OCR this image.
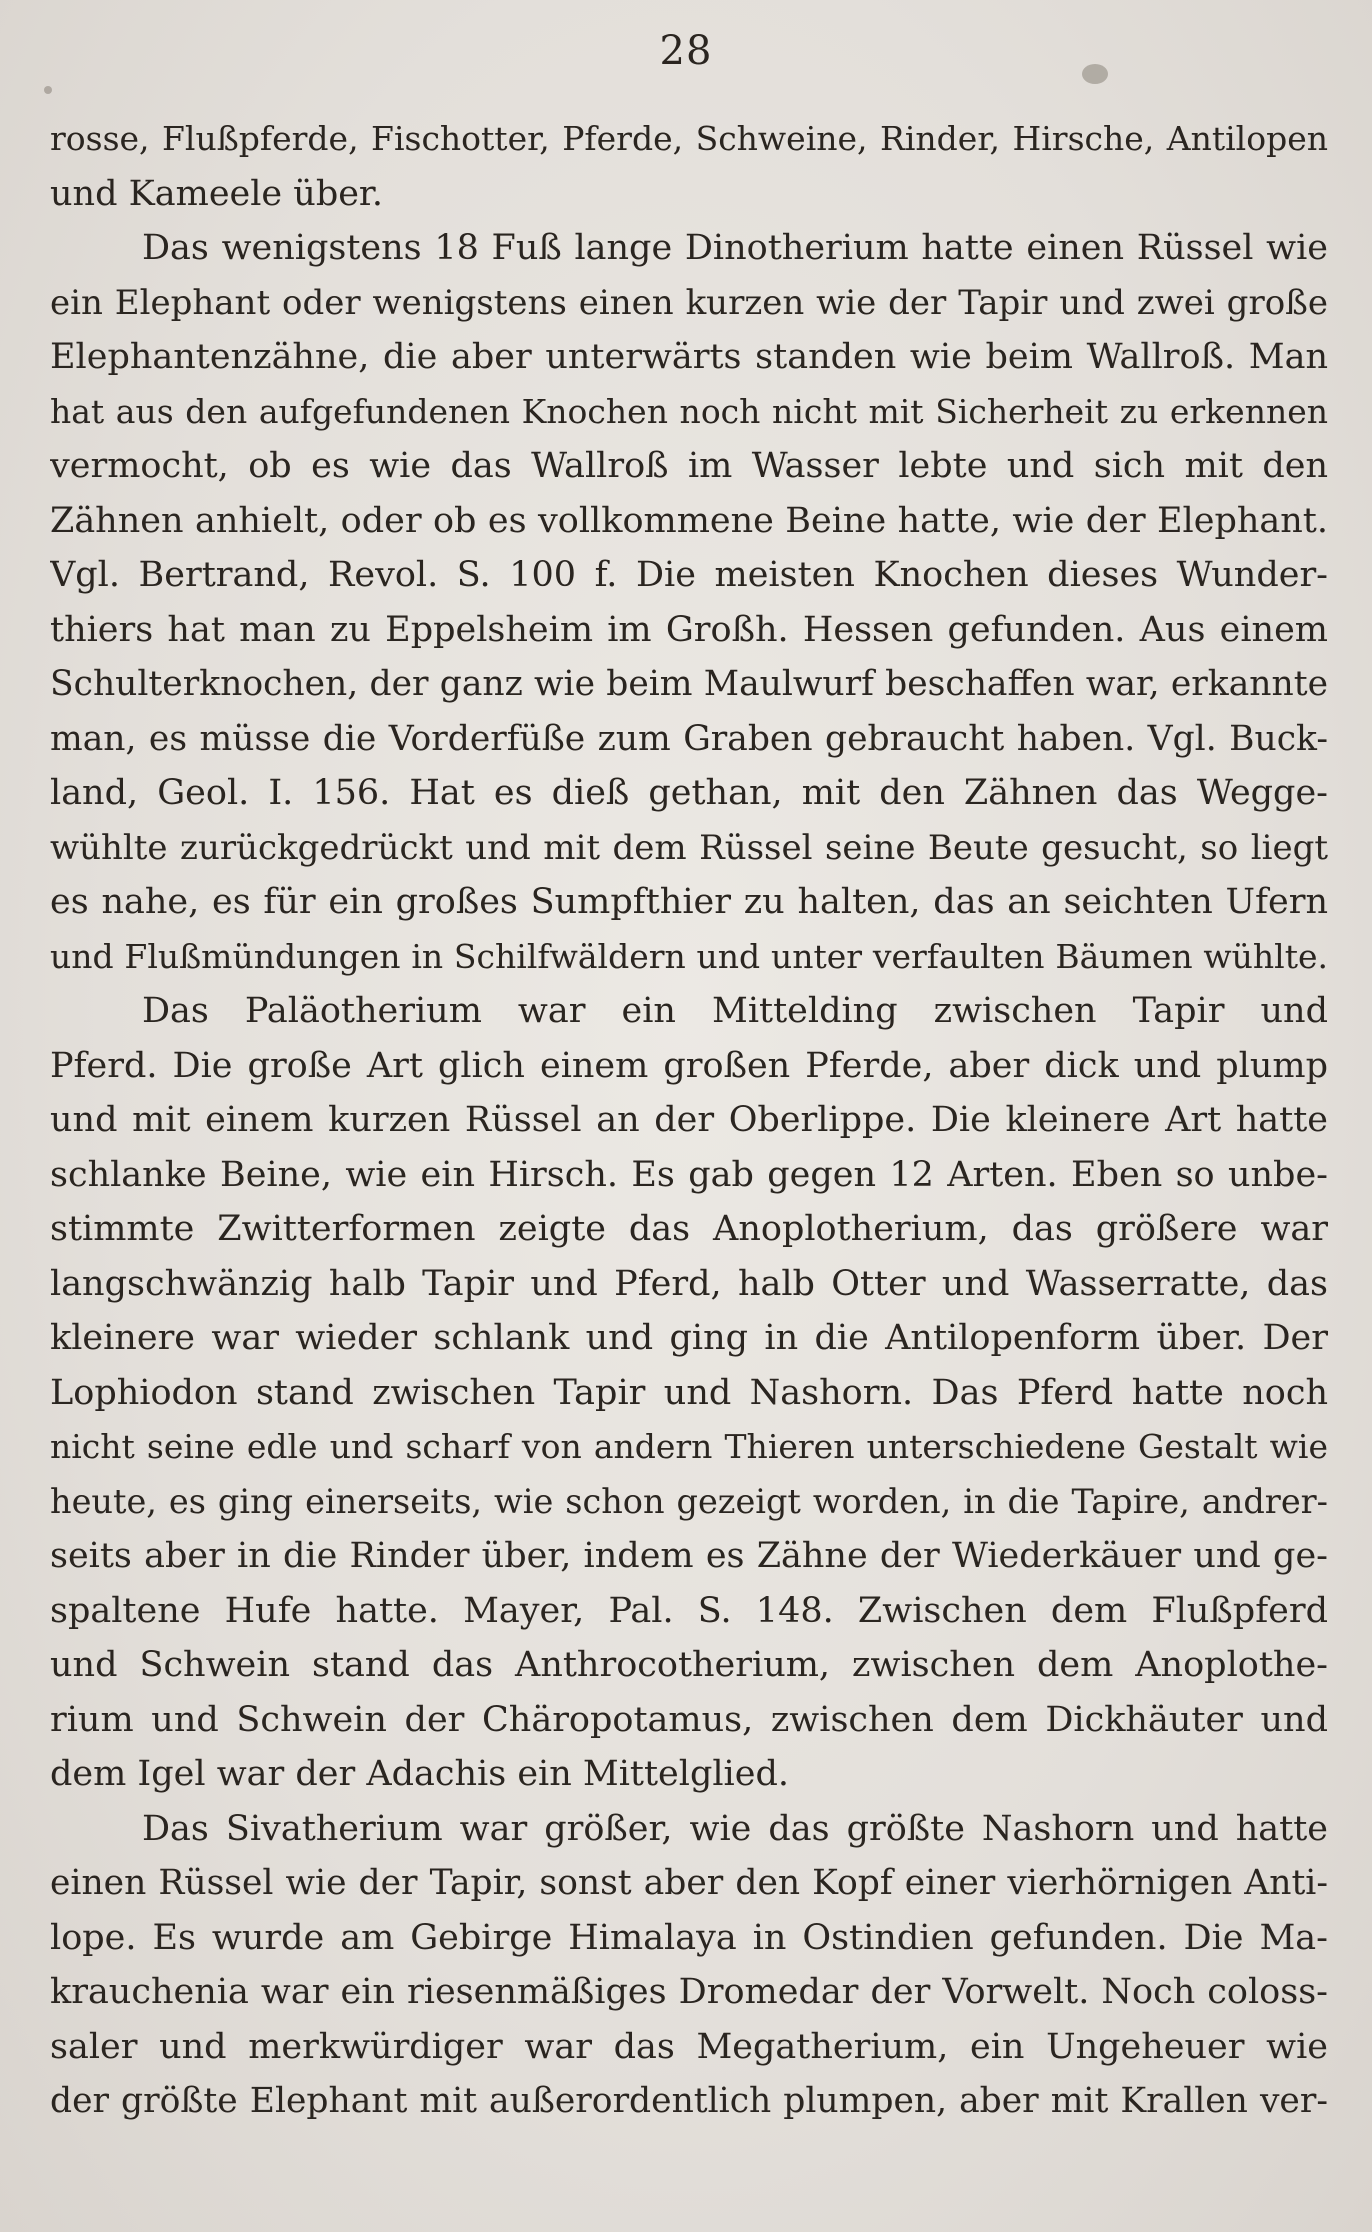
28
rosse, Flußpferde, Fischotter, Pferde, Schweine, Rinder, Hirsche, Antilopen
und Kameele über.
Das wenigstens 18 Fuß lange Dinotherium hatte einen Rüssel wie
ein Elephant oder wenigstens einen kurzen wie der Tapir und zwei große
Elephantenzähne, die aber unterwärts standen wie beim Wallroß. Man
hat aus den aufgefundenen Knochen noch nicht mit Sicherheit zu erkennen
vermocht, ob es wie das Wallroß im Wasser lebte und sich mit den
Zähnen anhielt, oder ob es vollkommene Beine hatte, wie der Elephant.
Vgl. Bertrand, Revol. S. 100 f. Die meisten Knochen dieses Wunder-
thiers hat man zu Eppelsheim im Großh. Hessen gefunden. Aus einem
Schulterknochen, der ganz wie beim Maulwurf beschaffen war, erkannte
man, es müsse die Vorderfüße zum Graben gebraucht haben. Vgl. Buck-
land, Geol. I. 156. Hat es dieß gethan, mit den Zähnen das Wegge-
wühlte zurückgedrückt und mit dem Rüssel seine Beute gesucht, so liegt
es nahe, es für ein großes Sumpfthier zu halten, das an seichten Ufern
und Flußmündungen in Schilfwäldern und unter verfaulten Bäumen wühlte.
Das Paläotherium war ein Mittelding zwischen Tapir und
Pferd. Die große Art glich einem großen Pferde, aber dick und plump
und mit einem kurzen Rüssel an der Oberlippe. Die kleinere Art hatte
schlanke Beine, wie ein Hirsch. Es gab gegen 12 Arten. Eben so unbe-
stimmte Zwitterformen zeigte das Anoplotherium, das größere war
langschwänzig halb Tapir und Pferd, halb Otter und Wasserratte, das
kleinere war wieder schlank und ging in die Antilopenform über. Der
Lophiodon stand zwischen Tapir und Nashorn. Das Pferd hatte noch
nicht seine edle und scharf von andern Thieren unterschiedene Gestalt wie
heute, es ging einerseits, wie schon gezeigt worden, in die Tapire, andrer-
seits aber in die Rinder über, indem es Zähne der Wiederkäuer und ge-
spaltene Hufe hatte. Mayer, Pal. S. 148. Zwischen dem Flußpferd
und Schwein stand das Anthrocotherium, zwischen dem Anoplothe-
rium und Schwein der Chäropotamus, zwischen dem Dickhäuter und
dem Igel war der Adachis ein Mittelglied.
Das Sivatherium war größer, wie das größte Nashorn und hatte
einen Rüssel wie der Tapir, sonst aber den Kopf einer vierhörnigen Anti-
lope. Es wurde am Gebirge Himalaya in Ostindien gefunden. Die Ma-
krauchenia war ein riesenmäßiges Dromedar der Vorwelt. Noch coloss-
saler und merkwürdiger war das Megatherium, ein Ungeheuer wie
der größte Elephant mit außerordentlich plumpen, aber mit Krallen ver-
